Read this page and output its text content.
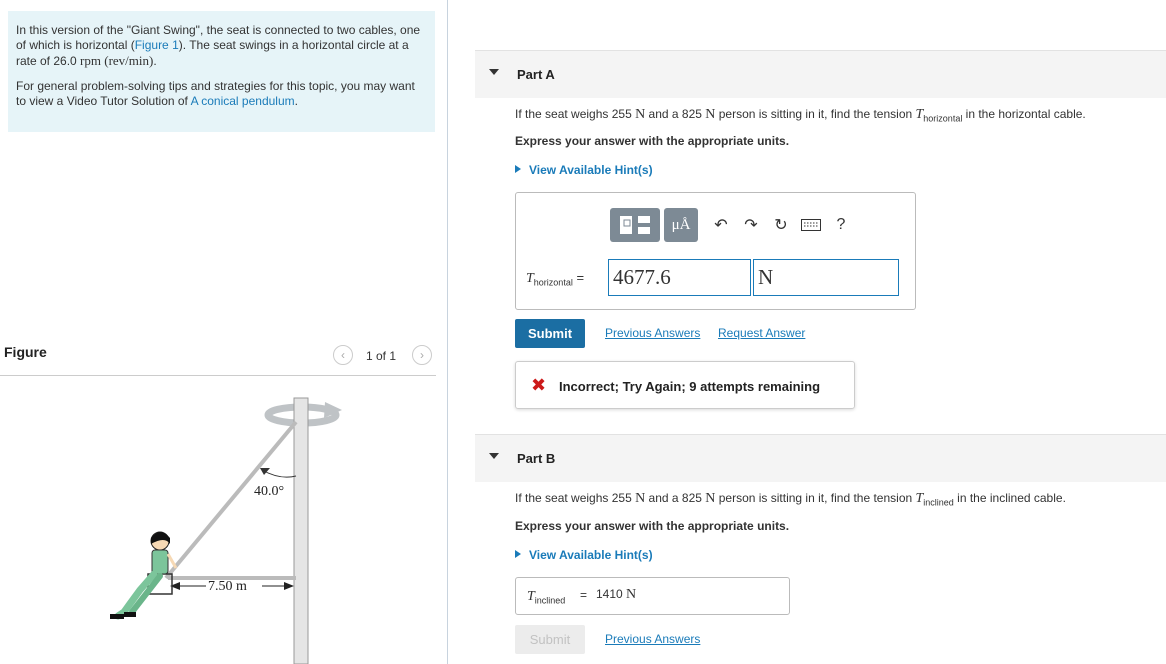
In this version of the "Giant Swing", the seat is connected to two cables, one of which is horizontal (Figure 1). The seat swings in a horizontal circle at a rate of 26.0 rpm (rev/min).

For general problem-solving tips and strategies for this topic, you may want to view a Video Tutor Solution of A conical pendulum.

Figure	‹ 1 of 1 ›
40.0°
7.50 m
Part A
If the seat weighs 255 N and a 825 N person is sitting in it, find the tension $T_{horizontal}$ in the horizontal cable.
Express your answer with the appropriate units.
View Available Hint(s)
μÅ	↶	↷	↻	?
$T_{horizontal} = 4677.6$	N
Submit	Previous Answers Request Answer
✖ Incorrect; Try Again; 9 attempts remaining
Part B
If the seat weighs 255 N and a 825 N person is sitting in it, find the tension $T_{inclined}$ in the inclined cable.
Express your answer with the appropriate units.
View Available Hint(s)
$T_{inclined} = 1410$ N
Submit	Previous Answers
